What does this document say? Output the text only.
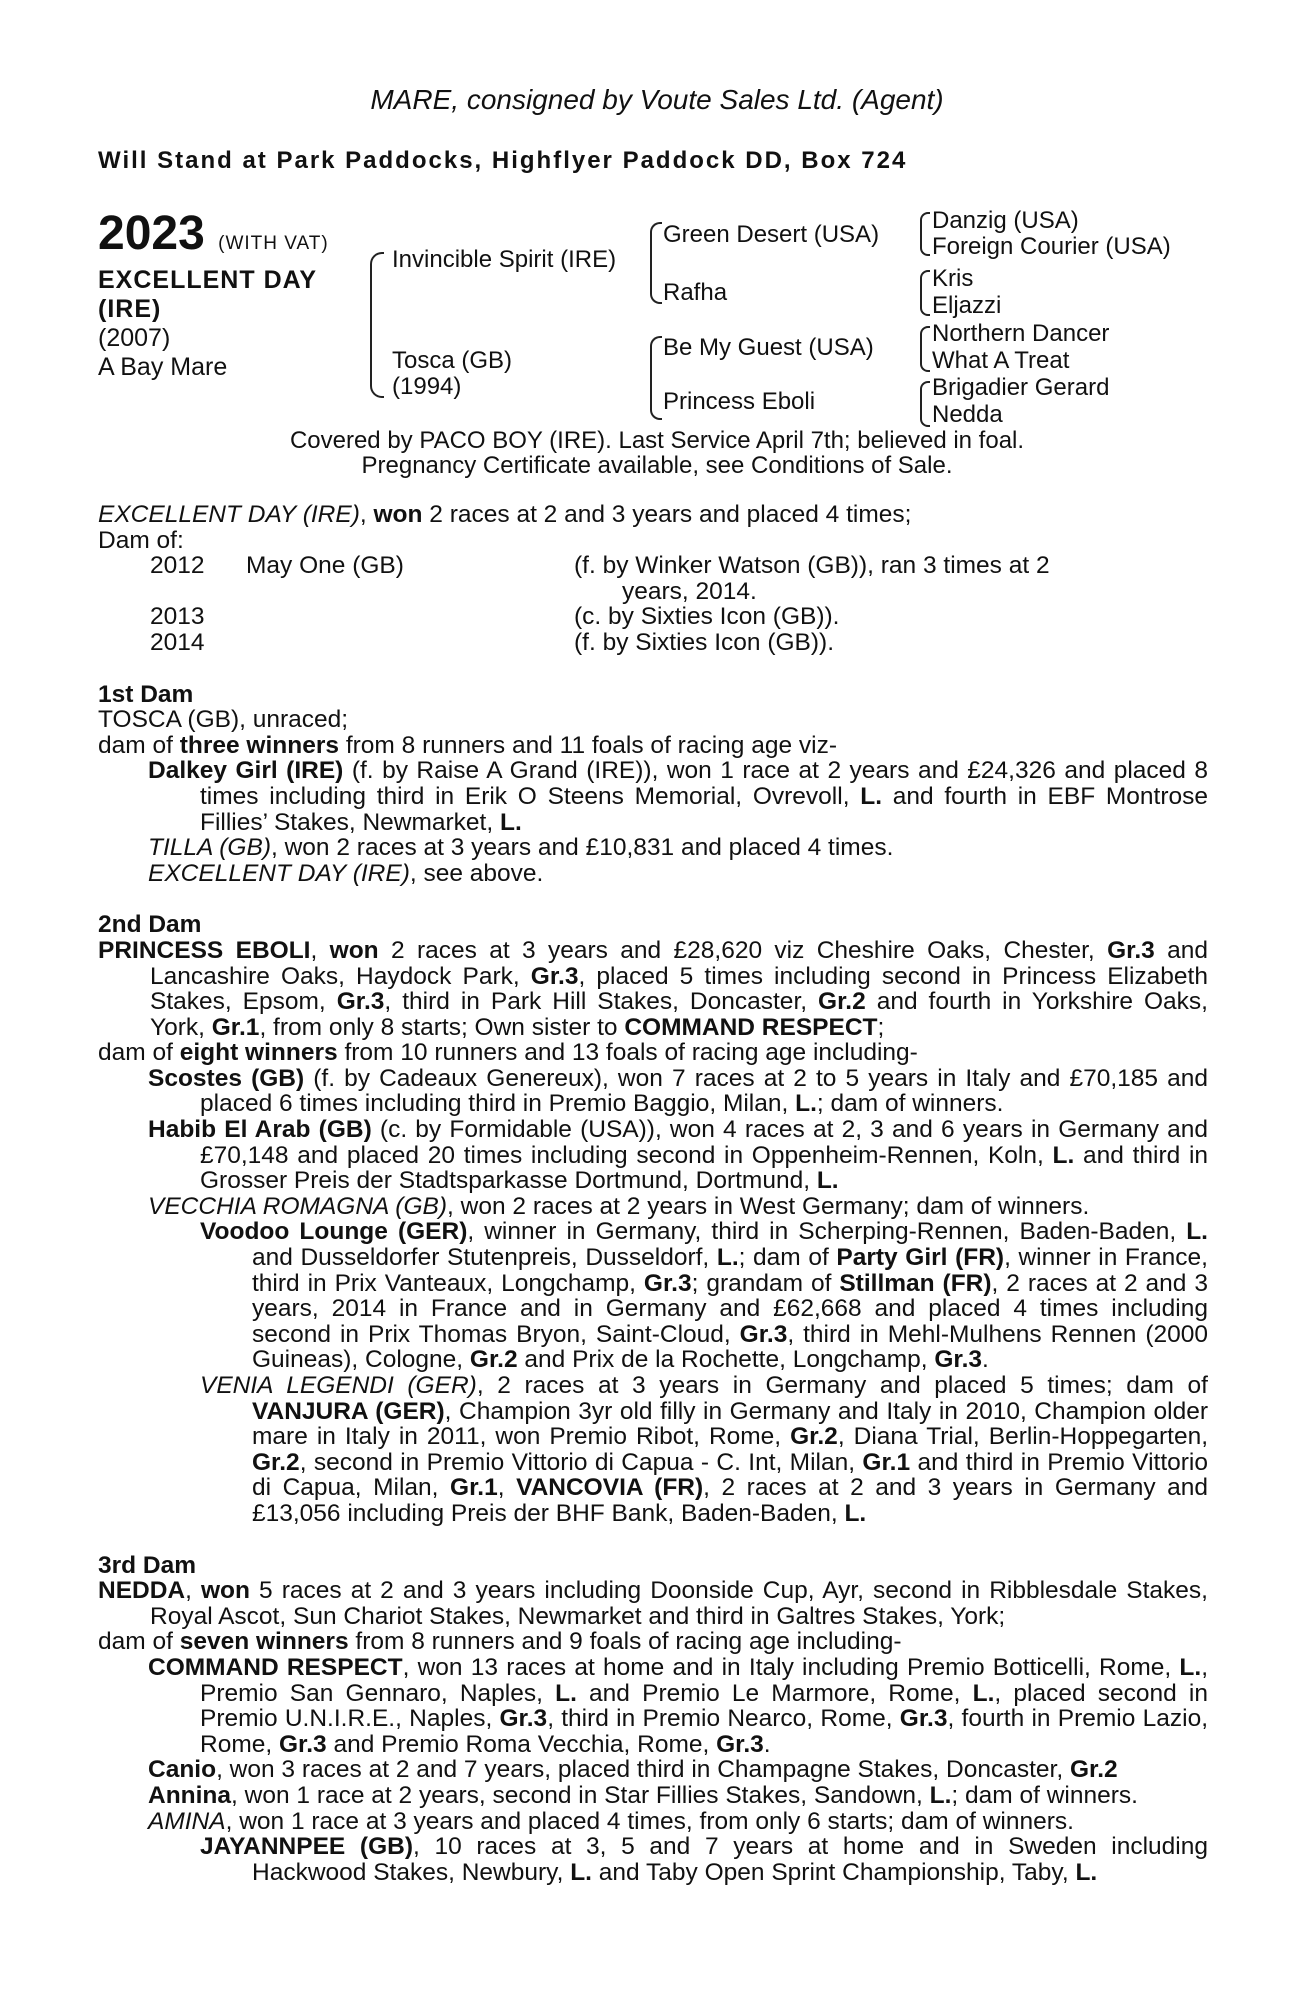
MARE, consigned by Voute Sales Ltd. (Agent)
Will Stand at Park Paddocks, Highflyer Paddock DD, Box 724
2023 (WITH VAT)
EXCELLENT DAY
(IRE)
(2007)
A Bay Mare
Invincible Spirit (IRE)
Tosca (GB)
(1994)
Green Desert (USA)
Rafha
Be My Guest (USA)
Princess Eboli
Danzig (USA)
Foreign Courier (USA)
Kris
Eljazzi
Northern Dancer
What A Treat
Brigadier Gerard
Nedda
Covered by PACO BOY (IRE). Last Service April 7th; believed in foal.
Pregnancy Certificate available, see Conditions of Sale.

EXCELLENT DAY (IRE), won 2 races at 2 and 3 years and placed 4 times;

Dam of:

2012	May One (GB)	(f. by Winker Watson (GB)), ran 3 times at 2
years, 2014.
2013		(c. by Sixties Icon (GB)).
2014		(f. by Sixties Icon (GB)).

1st Dam

TOSCA (GB), unraced;

dam of three winners from 8 runners and 11 foals of racing age viz-

Dalkey Girl (IRE) (f. by Raise A Grand (IRE)), won 1 race at 2 years and £24,326 and placed 8 times including third in Erik O Steens Memorial, Ovrevoll, L. and fourth in EBF Montrose Fillies’ Stakes, Newmarket, L.

TILLA (GB), won 2 races at 3 years and £10,831 and placed 4 times.

EXCELLENT DAY (IRE), see above.

2nd Dam

PRINCESS EBOLI, won 2 races at 3 years and £28,620 viz Cheshire Oaks, Chester, Gr.3 and Lancashire Oaks, Haydock Park, Gr.3, placed 5 times including second in Princess Elizabeth Stakes, Epsom, Gr.3, third in Park Hill Stakes, Doncaster, Gr.2 and fourth in Yorkshire Oaks, York, Gr.1, from only 8 starts; Own sister to COMMAND RESPECT;

dam of eight winners from 10 runners and 13 foals of racing age including-

Scostes (GB) (f. by Cadeaux Genereux), won 7 races at 2 to 5 years in Italy and £70,185 and placed 6 times including third in Premio Baggio, Milan, L.; dam of winners.

Habib El Arab (GB) (c. by Formidable (USA)), won 4 races at 2, 3 and 6 years in Germany and £70,148 and placed 20 times including second in Oppenheim-Rennen, Koln, L. and third in Grosser Preis der Stadtsparkasse Dortmund, Dortmund, L.

VECCHIA ROMAGNA (GB), won 2 races at 2 years in West Germany; dam of winners.

Voodoo Lounge (GER), winner in Germany, third in Scherping-Rennen, Baden-Baden, L. and Dusseldorfer Stutenpreis, Dusseldorf, L.; dam of Party Girl (FR), winner in France, third in Prix Vanteaux, Longchamp, Gr.3; grandam of Stillman (FR), 2 races at 2 and 3 years, 2014 in France and in Germany and £62,668 and placed 4 times including second in Prix Thomas Bryon, Saint-Cloud, Gr.3, third in Mehl-Mulhens Rennen (2000 Guineas), Cologne, Gr.2 and Prix de la Rochette, Longchamp, Gr.3.

VENIA LEGENDI (GER), 2 races at 3 years in Germany and placed 5 times; dam of VANJURA (GER), Champion 3yr old filly in Germany and Italy in 2010, Champion older mare in Italy in 2011, won Premio Ribot, Rome, Gr.2, Diana Trial, Berlin-Hoppegarten, Gr.2, second in Premio Vittorio di Capua - C. Int, Milan, Gr.1 and third in Premio Vittorio di Capua, Milan, Gr.1, VANCOVIA (FR), 2 races at 2 and 3 years in Germany and £13,056 including Preis der BHF Bank, Baden-Baden, L.

3rd Dam

NEDDA, won 5 races at 2 and 3 years including Doonside Cup, Ayr, second in Ribblesdale Stakes, Royal Ascot, Sun Chariot Stakes, Newmarket and third in Galtres Stakes, York;

dam of seven winners from 8 runners and 9 foals of racing age including-

COMMAND RESPECT, won 13 races at home and in Italy including Premio Botticelli, Rome, L., Premio San Gennaro, Naples, L. and Premio Le Marmore, Rome, L., placed second in Premio U.N.I.R.E., Naples, Gr.3, third in Premio Nearco, Rome, Gr.3, fourth in Premio Lazio, Rome, Gr.3 and Premio Roma Vecchia, Rome, Gr.3.

Canio, won 3 races at 2 and 7 years, placed third in Champagne Stakes, Doncaster, Gr.2

Annina, won 1 race at 2 years, second in Star Fillies Stakes, Sandown, L.; dam of winners.

AMINA, won 1 race at 3 years and placed 4 times, from only 6 starts; dam of winners.

JAYANNPEE (GB), 10 races at 3, 5 and 7 years at home and in Sweden including Hackwood Stakes, Newbury, L. and Taby Open Sprint Championship, Taby, L.
